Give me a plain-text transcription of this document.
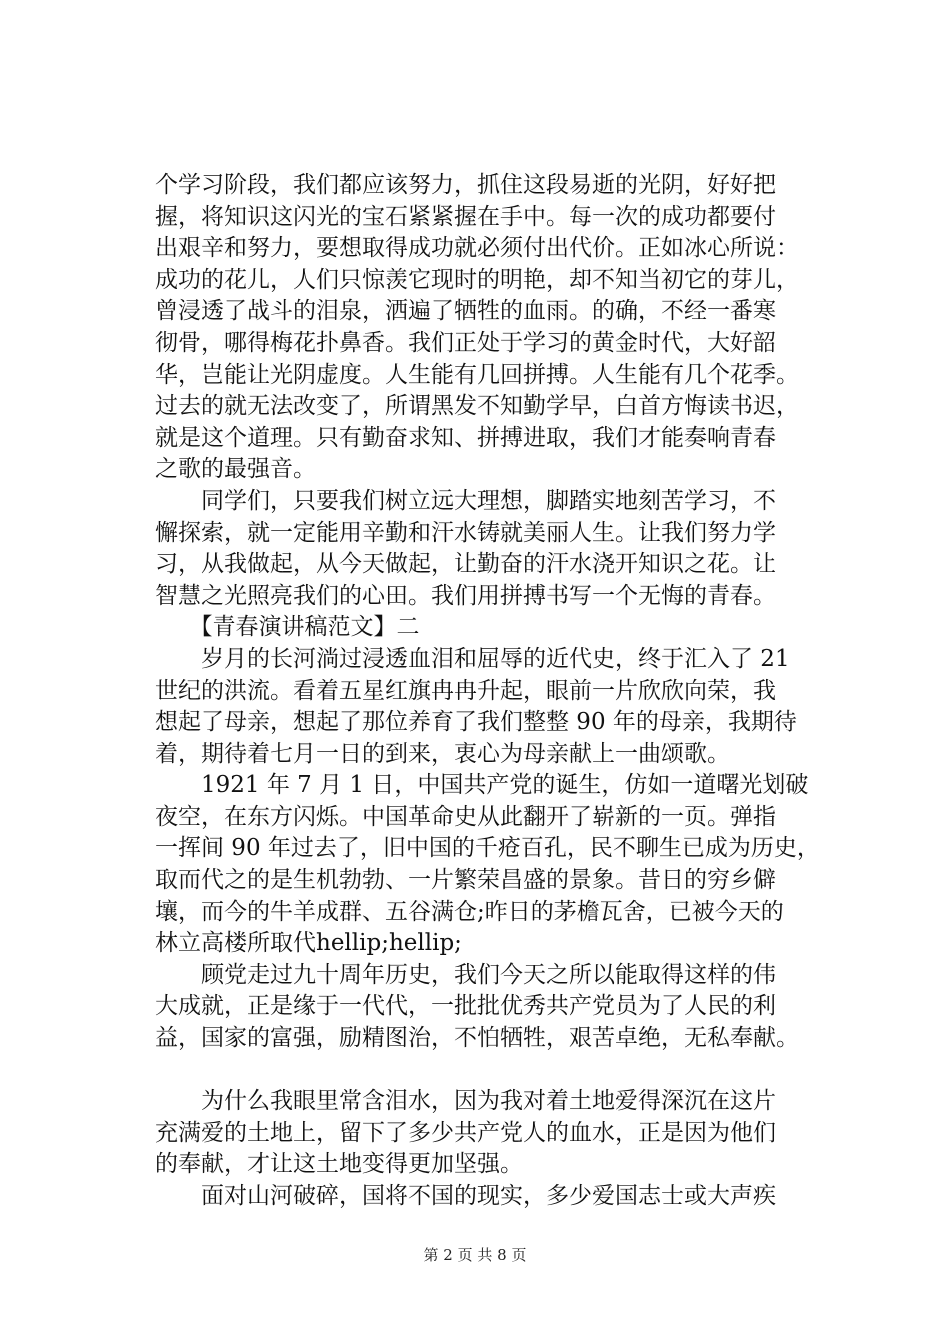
个学习阶段，我们都应该努力，抓住这段易逝的光阴，好好把
握，将知识这闪光的宝石紧紧握在手中。每一次的成功都要付
出艰辛和努力，要想取得成功就必须付出代价。正如冰心所说：
成功的花儿，人们只惊羡它现时的明艳，却不知当初它的芽儿，
曾浸透了战斗的泪泉，洒遍了牺牲的血雨。的确，不经一番寒
彻骨，哪得梅花扑鼻香。我们正处于学习的黄金时代，大好韶
华，岂能让光阴虚度。人生能有几回拼搏。人生能有几个花季。
过去的就无法改变了，所谓黑发不知勤学早，白首方悔读书迟，
就是这个道理。只有勤奋求知、拼搏进取，我们才能奏响青春
之歌的最强音。
　　同学们，只要我们树立远大理想，脚踏实地刻苦学习，不
懈探索，就一定能用辛勤和汗水铸就美丽人生。让我们努力学
习，从我做起，从今天做起，让勤奋的汗水浇开知识之花。让
智慧之光照亮我们的心田。我们用拼搏书写一个无悔的青春。
　　【青春演讲稿范文】二
　　岁月的长河淌过浸透血泪和屈辱的近代史，终于汇入了 21
世纪的洪流。看着五星红旗冉冉升起，眼前一片欣欣向荣，我
想起了母亲，想起了那位养育了我们整整 90 年的母亲，我期待
着，期待着七月一日的到来，衷心为母亲献上一曲颂歌。
　　1921 年 7 月 1 日，中国共产党的诞生，仿如一道曙光划破
夜空，在东方闪烁。中国革命史从此翻开了崭新的一页。弹指
一挥间 90 年过去了，旧中国的千疮百孔，民不聊生已成为历史，
取而代之的是生机勃勃、一片繁荣昌盛的景象。昔日的穷乡僻
壤，而今的牛羊成群、五谷满仓;昨日的茅檐瓦舍，已被今天的
林立高楼所取代hellip;hellip;
　　顾党走过九十周年历史，我们今天之所以能取得这样的伟
大成就，正是缘于一代代，一批批优秀共产党员为了人民的利
益，国家的富强，励精图治，不怕牺牲，艰苦卓绝，无私奉献。
　　为什么我眼里常含泪水，因为我对着土地爱得深沉在这片
充满爱的土地上，留下了多少共产党人的血水，正是因为他们
的奉献，才让这土地变得更加坚强。
　　面对山河破碎，国将不国的现实，多少爱国志士或大声疾
第 2 页 共 8 页
